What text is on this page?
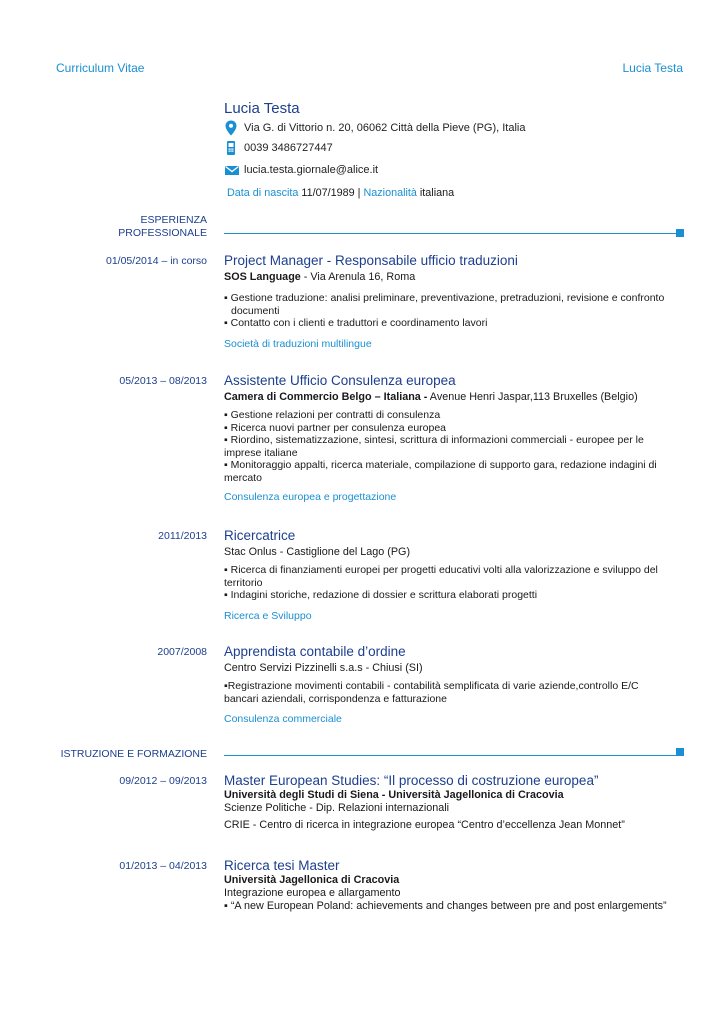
Curriculum Vitae	Lucia Testa
Lucia Testa
Via G. di Vittorio n. 20, 06062 Città della Pieve (PG), Italia
0039 3486727447
lucia.testa.giornale@alice.it
Data di nascita 11/07/1989 | Nazionalità italiana
ESPERIENZA
PROFESSIONALE
01/05/2014 – in corso Project Manager - Responsabile ufficio traduzioni
SOS Language - Via Arenula 16, Roma
▪ Gestione traduzione: analisi preliminare, preventivazione, pretraduzioni, revisione e confronto
documenti
▪ Contatto con i clienti e traduttori e coordinamento lavori
Società di traduzioni multilingue
05/2013 – 08/2013 Assistente Ufficio Consulenza europea
Camera di Commercio Belgo – Italiana - Avenue Henri Jaspar,113 Bruxelles (Belgio)
▪ Gestione relazioni per contratti di consulenza
▪ Ricerca nuovi partner per consulenza europea
▪ Riordino, sistematizzazione, sintesi, scrittura di informazioni commerciali - europee per le
imprese italiane
▪ Monitoraggio appalti, ricerca materiale, compilazione di supporto gara, redazione indagini di
mercato
Consulenza europea e progettazione
2011/2013 Ricercatrice
Stac Onlus - Castiglione del Lago (PG)
▪ Ricerca di finanziamenti europei per progetti educativi volti alla valorizzazione e sviluppo del
territorio
▪ Indagini storiche, redazione di dossier e scrittura elaborati progetti
Ricerca e Sviluppo
2007/2008 Apprendista contabile d’ordine
Centro Servizi Pizzinelli s.a.s - Chiusi (SI)
▪Registrazione movimenti contabili - contabilità semplificata di varie aziende,controllo E/C
bancari aziendali, corrispondenza e fatturazione
Consulenza commerciale
ISTRUZIONE E FORMAZIONE
09/2012 – 09/2013 Master European Studies: “Il processo di costruzione europea”
Università degli Studi di Siena - Università Jagellonica di Cracovia
Scienze Politiche - Dip. Relazioni internazionali
CRIE - Centro di ricerca in integrazione europea “Centro d’eccellenza Jean Monnet”
01/2013 – 04/2013 Ricerca tesi Master
Università Jagellonica di Cracovia
Integrazione europea e allargamento
▪ “A new European Poland: achievements and changes between pre and post enlargements”
